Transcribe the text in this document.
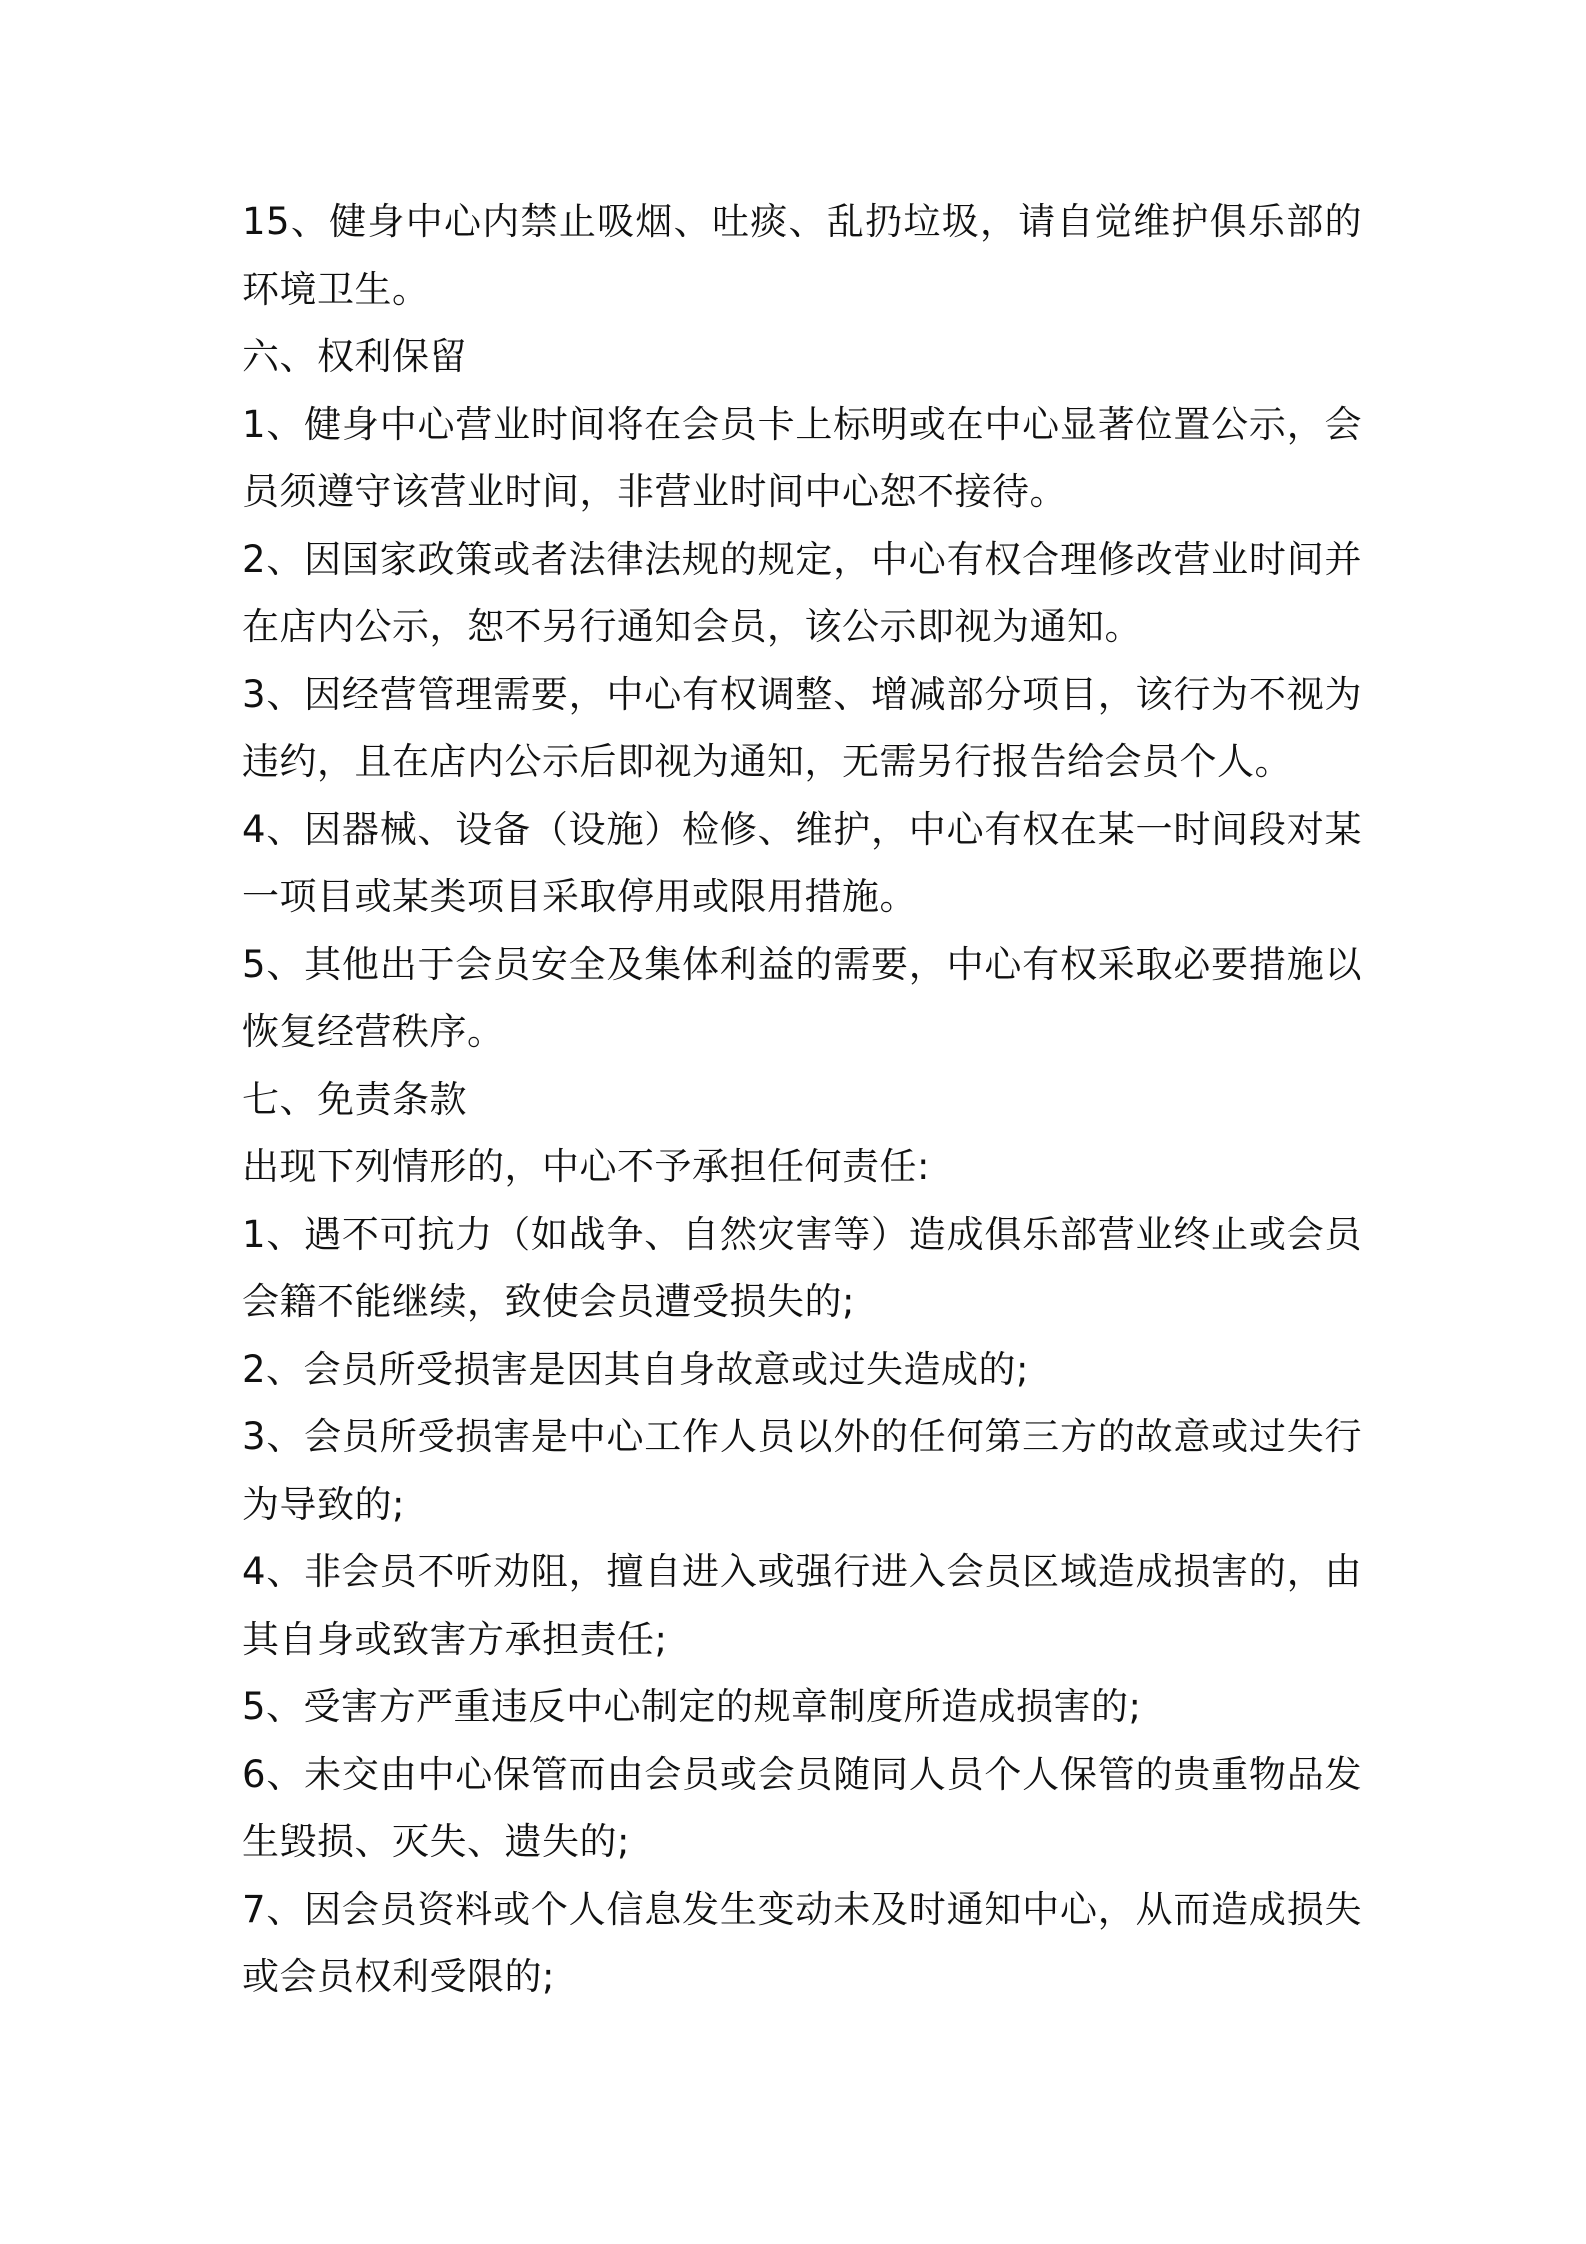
15、健身中心内禁止吸烟、吐痰、乱扔垃圾，请自觉维护俱乐部的
环境卫生。
六、权利保留
1、健身中心营业时间将在会员卡上标明或在中心显著位置公示，会
员须遵守该营业时间，非营业时间中心恕不接待。
2、因国家政策或者法律法规的规定，中心有权合理修改营业时间并
在店内公示，恕不另行通知会员，该公示即视为通知。
3、因经营管理需要，中心有权调整、增减部分项目，该行为不视为
违约，且在店内公示后即视为通知，无需另行报告给会员个人。
4、因器械、设备（设施）检修、维护，中心有权在某一时间段对某
一项目或某类项目采取停用或限用措施。
5、其他出于会员安全及集体利益的需要，中心有权采取必要措施以
恢复经营秩序。
七、免责条款
出现下列情形的，中心不予承担任何责任:
1、遇不可抗力（如战争、自然灾害等）造成俱乐部营业终止或会员
会籍不能继续，致使会员遭受损失的;
2、会员所受损害是因其自身故意或过失造成的;
3、会员所受损害是中心工作人员以外的任何第三方的故意或过失行
为导致的;
4、非会员不听劝阻，擅自进入或强行进入会员区域造成损害的，由
其自身或致害方承担责任;
5、受害方严重违反中心制定的规章制度所造成损害的;
6、未交由中心保管而由会员或会员随同人员个人保管的贵重物品发
生毁损、灭失、遗失的;
7、因会员资料或个人信息发生变动未及时通知中心，从而造成损失
或会员权利受限的;
